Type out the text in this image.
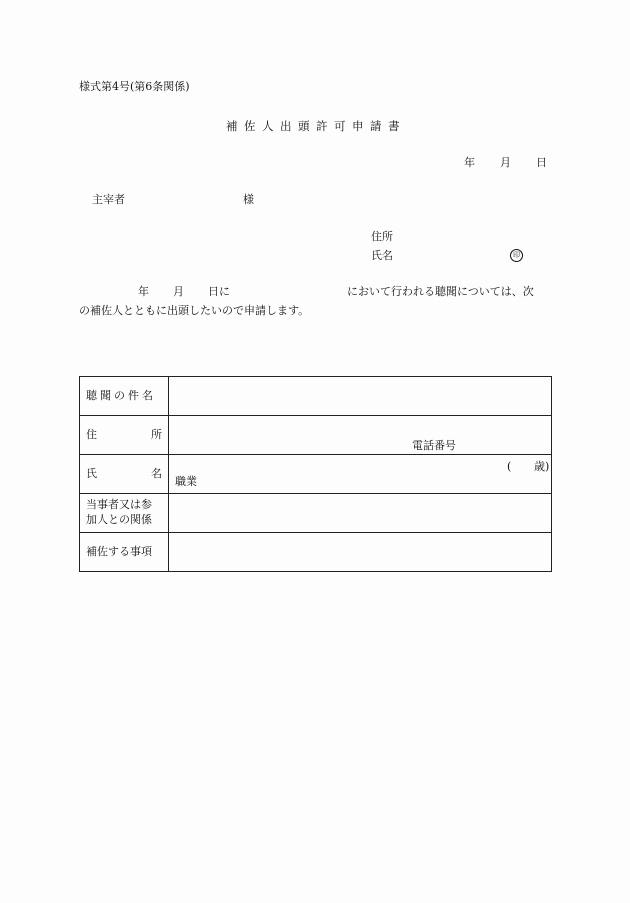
様式第4号(第6条関係)
補佐人出頭許可申請書
年 月 日
主宰者	様
住所
氏名	印
年 月 日に	において行われる聴聞については、次
の補佐人とともに出頭したいので申請します。
聴聞の件名	

住 所	電話番号

氏 名	( 歳)
職業

当事者又は参
加人との関係	

補佐する事項	
